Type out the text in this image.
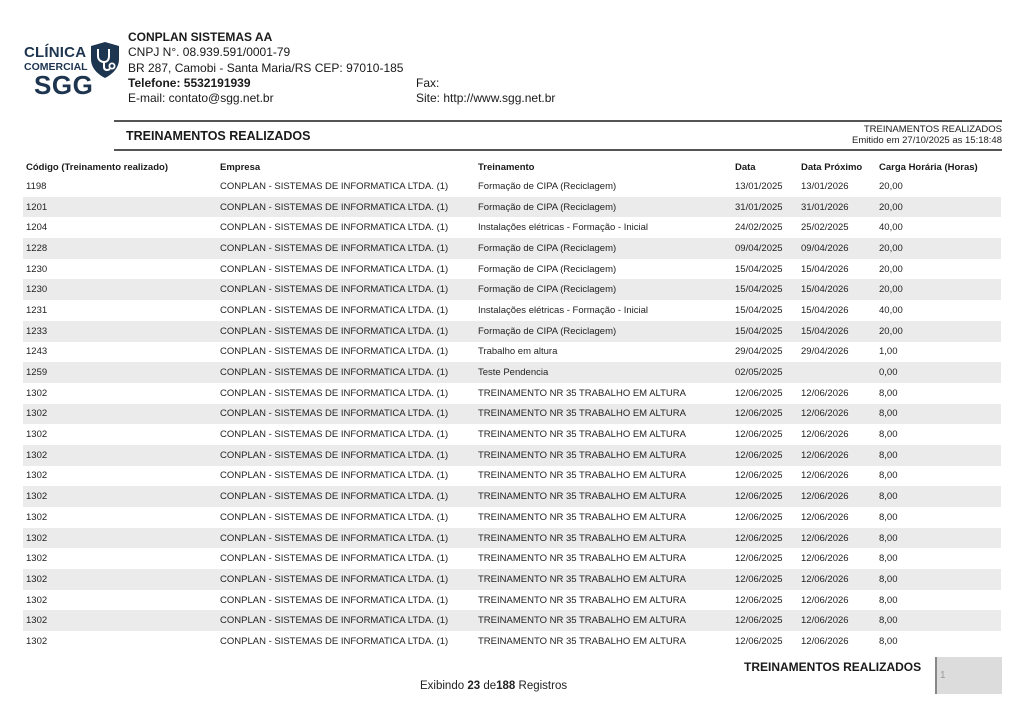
CLÍNICA
COMERCIAL
SGG
CONPLAN SISTEMAS AA
CNPJ N°. 08.939.591/0001-79
BR 287, Camobi - Santa Maria/RS CEP: 97010-185
Telefone: 5532191939	Fax:
E-mail: contato@sgg.net.br	Site: http://www.sgg.net.br
TREINAMENTOS REALIZADOS	TREINAMENTOS REALIZADOS
Emitido em 27/10/2025 as 15:18:48
Código (Treinamento realizado)	Empresa	Treinamento	Data	Data Próximo	Carga Horária (Horas)
1198	CONPLAN - SISTEMAS DE INFORMATICA LTDA. (1)	Formação de CIPA (Reciclagem)	13/01/2025	13/01/2026	20,00
1201	CONPLAN - SISTEMAS DE INFORMATICA LTDA. (1)	Formação de CIPA (Reciclagem)	31/01/2025	31/01/2026	20,00
1204	CONPLAN - SISTEMAS DE INFORMATICA LTDA. (1)	Instalações elétricas - Formação - Inicial	24/02/2025	25/02/2025	40,00
1228	CONPLAN - SISTEMAS DE INFORMATICA LTDA. (1)	Formação de CIPA (Reciclagem)	09/04/2025	09/04/2026	20,00
1230	CONPLAN - SISTEMAS DE INFORMATICA LTDA. (1)	Formação de CIPA (Reciclagem)	15/04/2025	15/04/2026	20,00
1230	CONPLAN - SISTEMAS DE INFORMATICA LTDA. (1)	Formação de CIPA (Reciclagem)	15/04/2025	15/04/2026	20,00
1231	CONPLAN - SISTEMAS DE INFORMATICA LTDA. (1)	Instalações elétricas - Formação - Inicial	15/04/2025	15/04/2026	40,00
1233	CONPLAN - SISTEMAS DE INFORMATICA LTDA. (1)	Formação de CIPA (Reciclagem)	15/04/2025	15/04/2026	20,00
1243	CONPLAN - SISTEMAS DE INFORMATICA LTDA. (1)	Trabalho em altura	29/04/2025	29/04/2026	1,00
1259	CONPLAN - SISTEMAS DE INFORMATICA LTDA. (1)	Teste Pendencia	02/05/2025		0,00
1302	CONPLAN - SISTEMAS DE INFORMATICA LTDA. (1)	TREINAMENTO NR 35 TRABALHO EM ALTURA	12/06/2025	12/06/2026	8,00
1302	CONPLAN - SISTEMAS DE INFORMATICA LTDA. (1)	TREINAMENTO NR 35 TRABALHO EM ALTURA	12/06/2025	12/06/2026	8,00
1302	CONPLAN - SISTEMAS DE INFORMATICA LTDA. (1)	TREINAMENTO NR 35 TRABALHO EM ALTURA	12/06/2025	12/06/2026	8,00
1302	CONPLAN - SISTEMAS DE INFORMATICA LTDA. (1)	TREINAMENTO NR 35 TRABALHO EM ALTURA	12/06/2025	12/06/2026	8,00
1302	CONPLAN - SISTEMAS DE INFORMATICA LTDA. (1)	TREINAMENTO NR 35 TRABALHO EM ALTURA	12/06/2025	12/06/2026	8,00
1302	CONPLAN - SISTEMAS DE INFORMATICA LTDA. (1)	TREINAMENTO NR 35 TRABALHO EM ALTURA	12/06/2025	12/06/2026	8,00
1302	CONPLAN - SISTEMAS DE INFORMATICA LTDA. (1)	TREINAMENTO NR 35 TRABALHO EM ALTURA	12/06/2025	12/06/2026	8,00
1302	CONPLAN - SISTEMAS DE INFORMATICA LTDA. (1)	TREINAMENTO NR 35 TRABALHO EM ALTURA	12/06/2025	12/06/2026	8,00
1302	CONPLAN - SISTEMAS DE INFORMATICA LTDA. (1)	TREINAMENTO NR 35 TRABALHO EM ALTURA	12/06/2025	12/06/2026	8,00
1302	CONPLAN - SISTEMAS DE INFORMATICA LTDA. (1)	TREINAMENTO NR 35 TRABALHO EM ALTURA	12/06/2025	12/06/2026	8,00
1302	CONPLAN - SISTEMAS DE INFORMATICA LTDA. (1)	TREINAMENTO NR 35 TRABALHO EM ALTURA	12/06/2025	12/06/2026	8,00
1302	CONPLAN - SISTEMAS DE INFORMATICA LTDA. (1)	TREINAMENTO NR 35 TRABALHO EM ALTURA	12/06/2025	12/06/2026	8,00
1302	CONPLAN - SISTEMAS DE INFORMATICA LTDA. (1)	TREINAMENTO NR 35 TRABALHO EM ALTURA	12/06/2025	12/06/2026	8,00
TREINAMENTOS REALIZADOS
1
Exibindo 23 de188 Registros
